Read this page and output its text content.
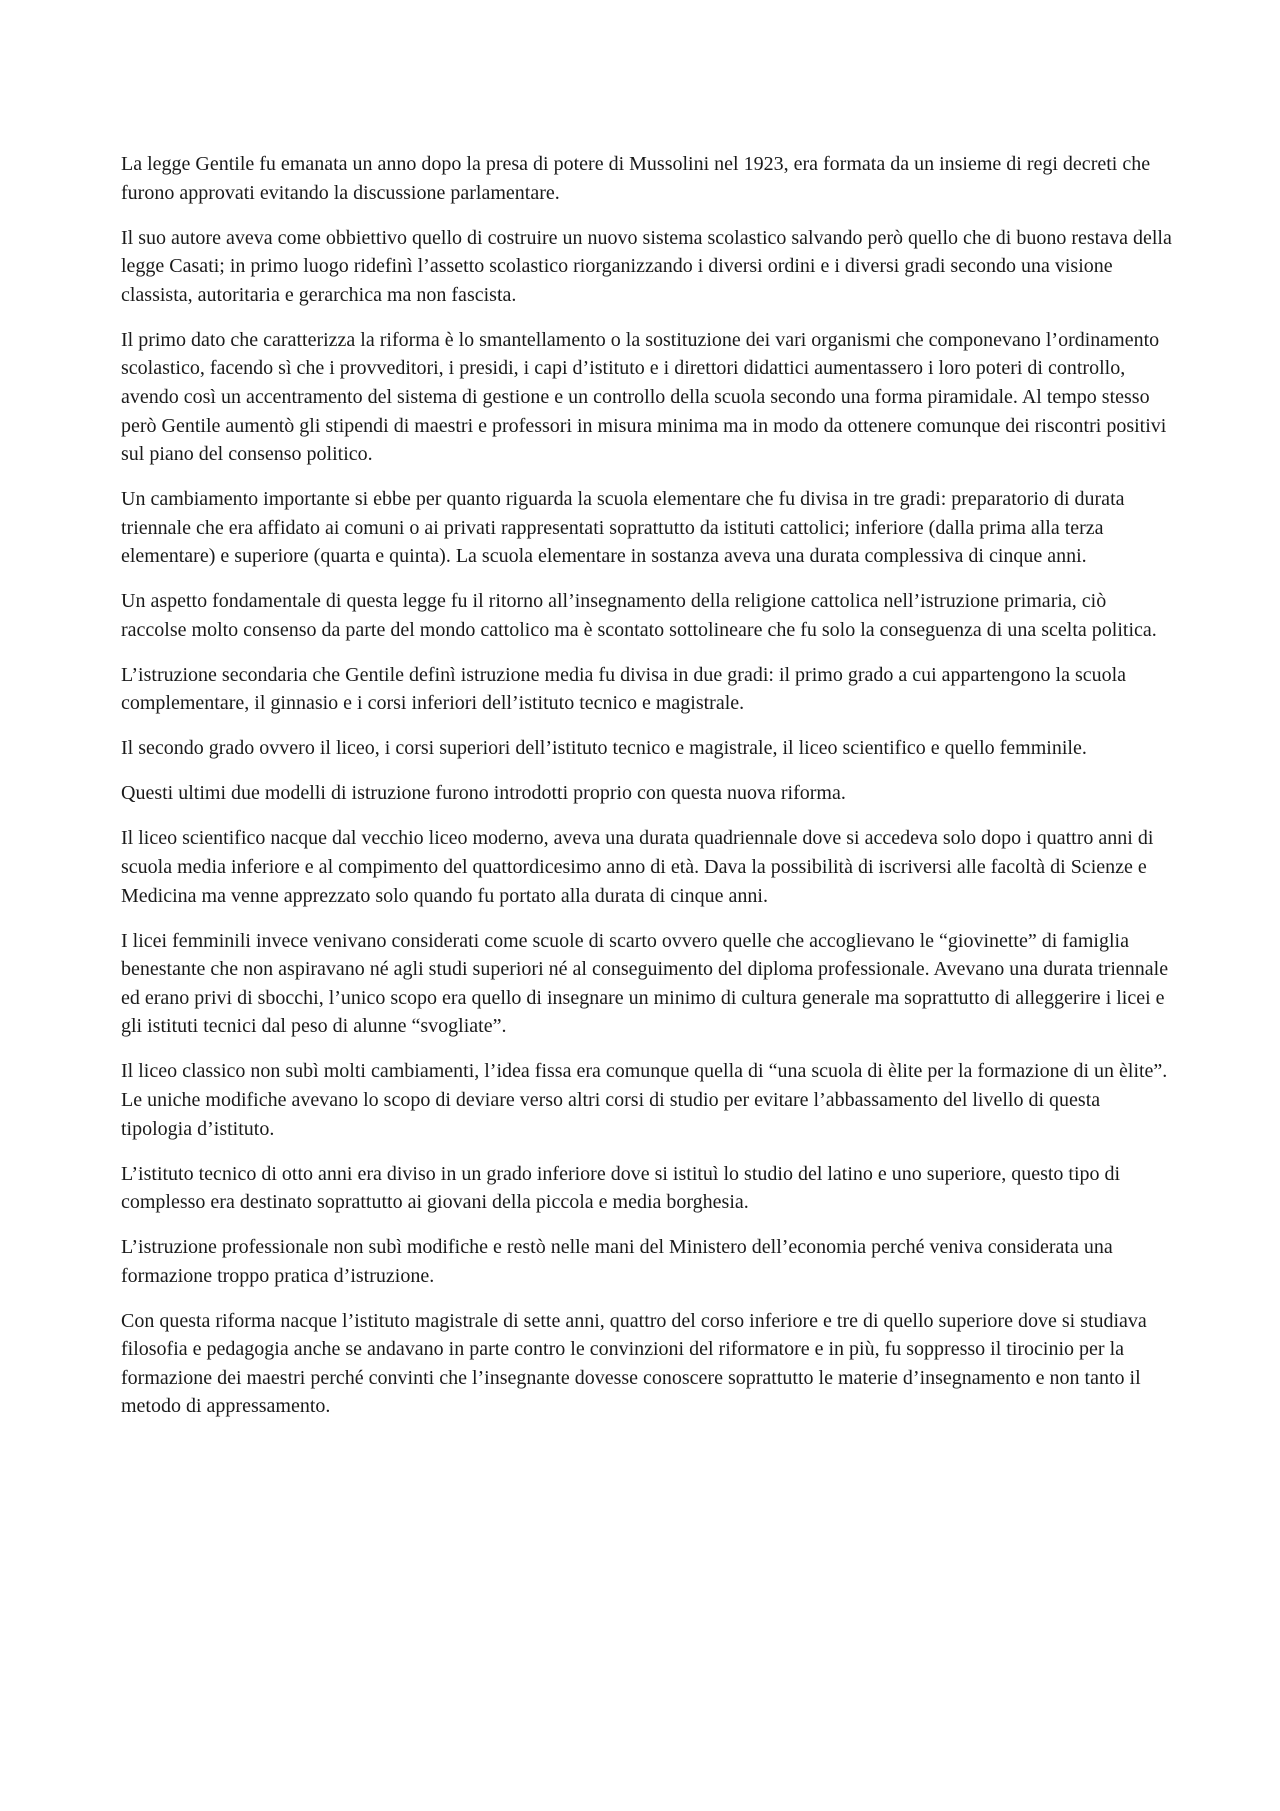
La legge Gentile fu emanata un anno dopo la presa di potere di Mussolini nel 1923, era formata da un insieme di regi decreti che furono approvati evitando la discussione parlamentare.

Il suo autore aveva come obbiettivo quello di costruire un nuovo sistema scolastico salvando però quello che di buono restava della legge Casati; in primo luogo ridefinì l’assetto scolastico riorganizzando i diversi ordini e i diversi gradi secondo una visione classista, autoritaria e gerarchica ma non fascista.

Il primo dato che caratterizza la riforma è lo smantellamento o la sostituzione dei vari organismi che componevano l’ordinamento scolastico, facendo sì che i provveditori, i presidi, i capi d’istituto e i direttori didattici aumentassero i loro poteri di controllo, avendo così un accentramento del sistema di gestione e un controllo della scuola secondo una forma piramidale. Al tempo stesso però Gentile aumentò gli stipendi di maestri e professori in misura minima ma in modo da ottenere comunque dei riscontri positivi sul piano del consenso politico.

Un cambiamento importante si ebbe per quanto riguarda la scuola elementare che fu divisa in tre gradi: preparatorio di durata triennale che era affidato ai comuni o ai privati rappresentati soprattutto da istituti cattolici; inferiore (dalla prima alla terza elementare) e superiore (quarta e quinta). La scuola elementare in sostanza aveva una durata complessiva di cinque anni.

Un aspetto fondamentale di questa legge fu il ritorno all’insegnamento della religione cattolica nell’istruzione primaria, ciò raccolse molto consenso da parte del mondo cattolico ma è scontato sottolineare che fu solo la conseguenza di una scelta politica.

L’istruzione secondaria che Gentile definì istruzione media fu divisa in due gradi: il primo grado a cui appartengono la scuola complementare, il ginnasio e i corsi inferiori dell’istituto tecnico e magistrale.

Il secondo grado ovvero il liceo, i corsi superiori dell’istituto tecnico e magistrale, il liceo scientifico e quello femminile.

Questi ultimi due modelli di istruzione furono introdotti proprio con questa nuova riforma.

Il liceo scientifico nacque dal vecchio liceo moderno, aveva una durata quadriennale dove si accedeva solo dopo i quattro anni di scuola media inferiore e al compimento del quattordicesimo anno di età. Dava la possibilità di iscriversi alle facoltà di Scienze e Medicina ma venne apprezzato solo quando fu portato alla durata di cinque anni.

I licei femminili invece venivano considerati come scuole di scarto ovvero quelle che accoglievano le “giovinette” di famiglia benestante che non aspiravano né agli studi superiori né al conseguimento del diploma professionale. Avevano una durata triennale ed erano privi di sbocchi, l’unico scopo era quello di insegnare un minimo di cultura generale ma soprattutto di alleggerire i licei e gli istituti tecnici dal peso di alunne “svogliate”.

Il liceo classico non subì molti cambiamenti, l’idea fissa era comunque quella di “una scuola di èlite per la formazione di un èlite”. Le uniche modifiche avevano lo scopo di deviare verso altri corsi di studio per evitare l’abbassamento del livello di questa tipologia d’istituto.

L’istituto tecnico di otto anni era diviso in un grado inferiore dove si istituì lo studio del latino e uno superiore, questo tipo di complesso era destinato soprattutto ai giovani della piccola e media borghesia.

L’istruzione professionale non subì modifiche e restò nelle mani del Ministero dell’economia perché veniva considerata una formazione troppo pratica d’istruzione.

Con questa riforma nacque l’istituto magistrale di sette anni, quattro del corso inferiore e tre di quello superiore dove si studiava filosofia e pedagogia anche se andavano in parte contro le convinzioni del riformatore e in più, fu soppresso il tirocinio per la formazione dei maestri perché convinti che l’insegnante dovesse conoscere soprattutto le materie d’insegnamento e non tanto il metodo di appressamento.
